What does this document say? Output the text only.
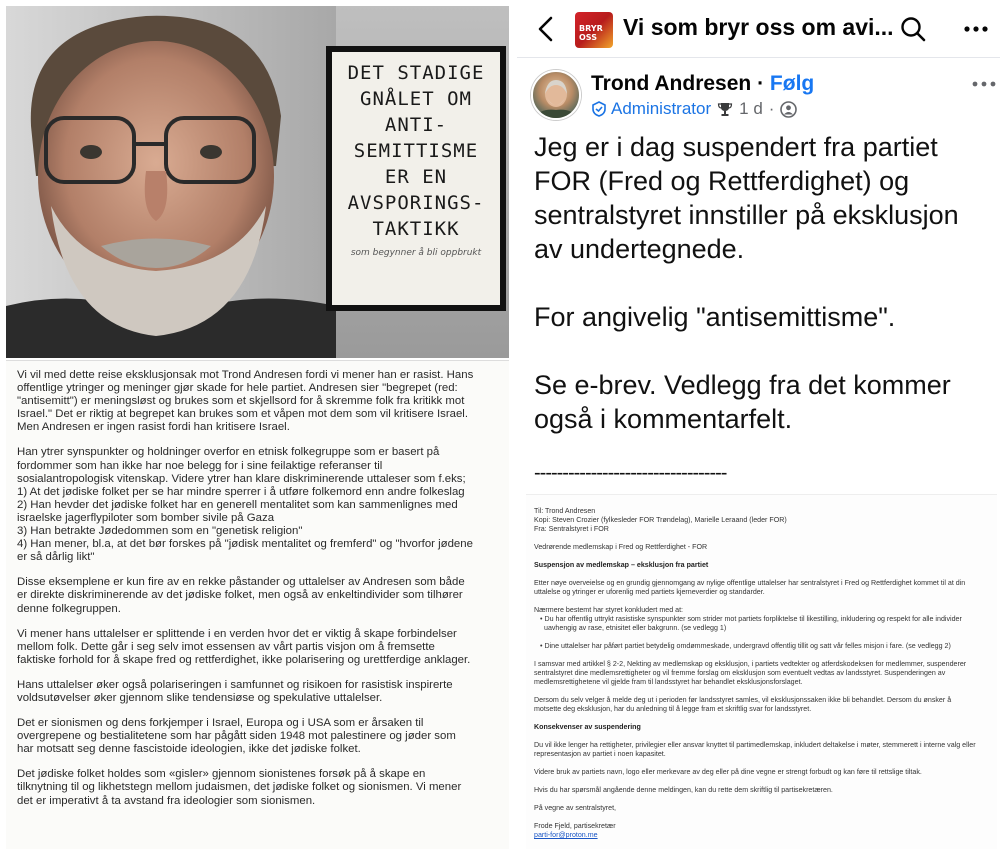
DET STADIGE
GNÅLET OM
ANTI-
SEMITTISME
ER EN
AVSPORINGS-
TAKTIKK
som begynner å bli oppbrukt

Vi vil med dette reise eksklusjonsak mot Trond Andresen fordi vi mener han er rasist. Hans
offentlige ytringer og meninger gjør skade for hele partiet. Andresen sier "begrepet (red:
"antisemitt") er meningsløst og brukes som et skjellsord for å skremme folk fra kritikk mot
Israel." Det er riktig at begrepet kan brukes som et våpen mot dem som vil kritisere Israel.
Men Andresen er ingen rasist fordi han kritisere Israel.

Han ytrer synspunkter og holdninger overfor en etnisk folkegruppe som er basert på
fordommer som han ikke har noe belegg for i sine feilaktige referanser til
sosialantropologisk vitenskap. Videre ytrer han klare diskriminerende uttaleser som f.eks;
1) At det jødiske folket per se har mindre sperrer i å utføre folkemord enn andre folkeslag
2) Han hevder det jødiske folket har en generell mentalitet som kan sammenlignes med
israelske jagerflypiloter som bomber sivile på Gaza
3) Han betrakte Jødedommen som en "genetisk religion"
4) Han mener, bl.a, at det bør forskes på "jødisk mentalitet og fremferd" og "hvorfor jødene
er så dårlig likt"

Disse eksemplene er kun fire av en rekke påstander og uttalelser av Andresen som både
er direkte diskriminerende av det jødiske folket, men også av enkeltindivider som tilhører
denne folkegruppen.

Vi mener hans uttalelser er splittende i en verden hvor det er viktig å skape forbindelser
mellom folk. Dette går i seg selv imot essensen av vårt partis visjon om å fremsette
faktiske forhold for å skape fred og rettferdighet, ikke polarisering og urettferdige anklager.

Hans uttalelser øker også polariseringen i samfunnet og risikoen for rasistisk inspirerte
voldsutøvelser øker gjennom slike tendensiøse og spekulative uttalelser.

Det er sionismen og dens forkjemper i Israel, Europa og i USA som er årsaken til
overgrepene og bestialitetene som har pågått siden 1948 mot palestinere og jøder som
har motsatt seg denne fascistoide ideologien, ikke det jødiske folket.

Det jødiske folket holdes som «gisler» gjennom sionistenes forsøk på å skape en
tilknytning til og likhetstegn mellom judaismen, det jødiske folket og sionismen. Vi mener
det er imperativt å ta avstand fra ideologier som sionismen.

BRYR OSS	Vi som bryr oss om avi...
Trond Andresen · Følg
Administrator 1 d ·

Jeg er i dag suspendert fra partiet FOR (Fred og Rettferdighet) og sentralstyret innstiller på eksklusjon av undertegnede.

For angivelig "antisemittisme".

Se e-brev. Vedlegg fra det kommer også i kommentarfelt.

----------------------------------
Til: Trond Andresen
Kopi: Steven Crozier (fylkesleder FOR Trøndelag), Marielle Leraand (leder FOR)
Fra: Sentralstyret i FOR
Vedrørende medlemskap i Fred og Rettferdighet - FOR
Suspensjon av medlemskap – eksklusjon fra partiet
Etter nøye overveielse og en grundig gjennomgang av nylige offentlige uttalelser har sentralstyret i Fred og Rettferdighet kommet til at din
uttalelse og ytringer er uforenlig med partiets kjerneverdier og standarder.
Nærmere bestemt har styret konkludert med at:
• Du har offentlig uttrykt rasistiske synspunkter som strider mot partiets forpliktelse til likestilling, inkludering og respekt for alle individer
uavhengig av rase, etnisitet eller bakgrunn. (se vedlegg 1)
• Dine uttalelser har påført partiet betydelig omdømmeskade, undergravd offentlig tillit og satt vår felles misjon i fare. (se vedlegg 2)
I samsvar med artikkel § 2-2, Nekting av medlemskap og eksklusjon, i partiets vedtekter og atferdskodeksen for medlemmer, suspenderer
sentralstyret dine medlemsrettigheter og vil fremme forslag om eksklusjon som eventuelt vedtas av landsstyret. Suspenderingen av
medlemsrettighetene vil gjelde fram til landsstyret har behandlet eksklusjonsforslaget.
Dersom du selv velger å melde deg ut i perioden før landsstyret samles, vil eksklusjonssaken ikke bli behandlet. Dersom du ønsker å
motsette deg eksklusjon, har du anledning til å legge fram et skriftlig svar for landsstyret.
Konsekvenser av suspendering
Du vil ikke lenger ha rettigheter, privilegier eller ansvar knyttet til partimedlemskap, inkludert deltakelse i møter, stemmerett i interne valg eller
representasjon av partiet i noen kapasitet.
Videre bruk av partiets navn, logo eller merkevare av deg eller på dine vegne er strengt forbudt og kan føre til rettslige tiltak.
Hvis du har spørsmål angående denne meldingen, kan du rette dem skriftlig til partisekretæren.
På vegne av sentralstyret,
Frode Fjeld, partisekretær
parti-for@proton.me
